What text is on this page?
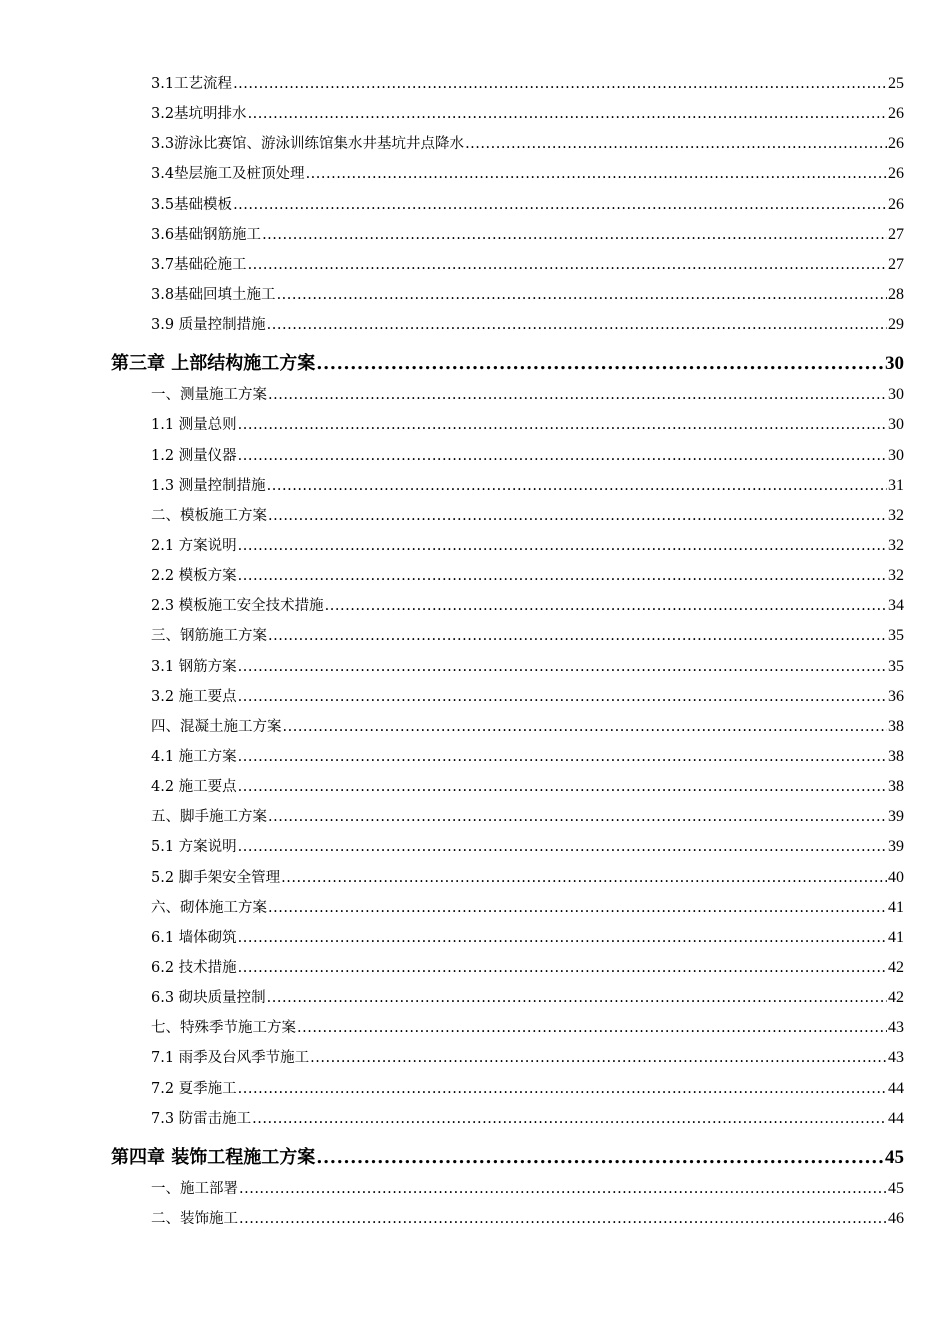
3.1工艺流程 .....	25
3.2基坑明排水 .....	26
3.3游泳比赛馆、游泳训练馆集水井基坑井点降水 .....	26
3.4垫层施工及桩顶处理 .....	26
3.5基础模板 .....	26
3.6基础钢筋施工 .....	27
3.7基础砼施工 .....	27
3.8基础回填土施工 .....	28
3.9 质量控制措施 .....	29
第三章 上部结构施工方案 .....	30
一、测量施工方案 .....	30
1.1 测量总则 .....	30
1.2 测量仪器 .....	30
1.3 测量控制措施 .....	31
二、模板施工方案 .....	32
2.1 方案说明 .....	32
2.2 模板方案 .....	32
2.3 模板施工安全技术措施 .....	34
三、钢筋施工方案 .....	35
3.1 钢筋方案 .....	35
3.2 施工要点 .....	36
四、混凝土施工方案 .....	38
4.1 施工方案 .....	38
4.2 施工要点 .....	38
五、脚手施工方案 .....	39
5.1 方案说明 .....	39
5.2 脚手架安全管理 .....	40
六、砌体施工方案 .....	41
6.1 墙体砌筑 .....	41
6.2 技术措施 .....	42
6.3 砌块质量控制 .....	42
七、特殊季节施工方案 .....	43
7.1 雨季及台风季节施工 .....	43
7.2 夏季施工 .....	44
7.3 防雷击施工 .....	44
第四章 装饰工程施工方案 .....	45
一、施工部署 .....	45
二、装饰施工 .....	46
